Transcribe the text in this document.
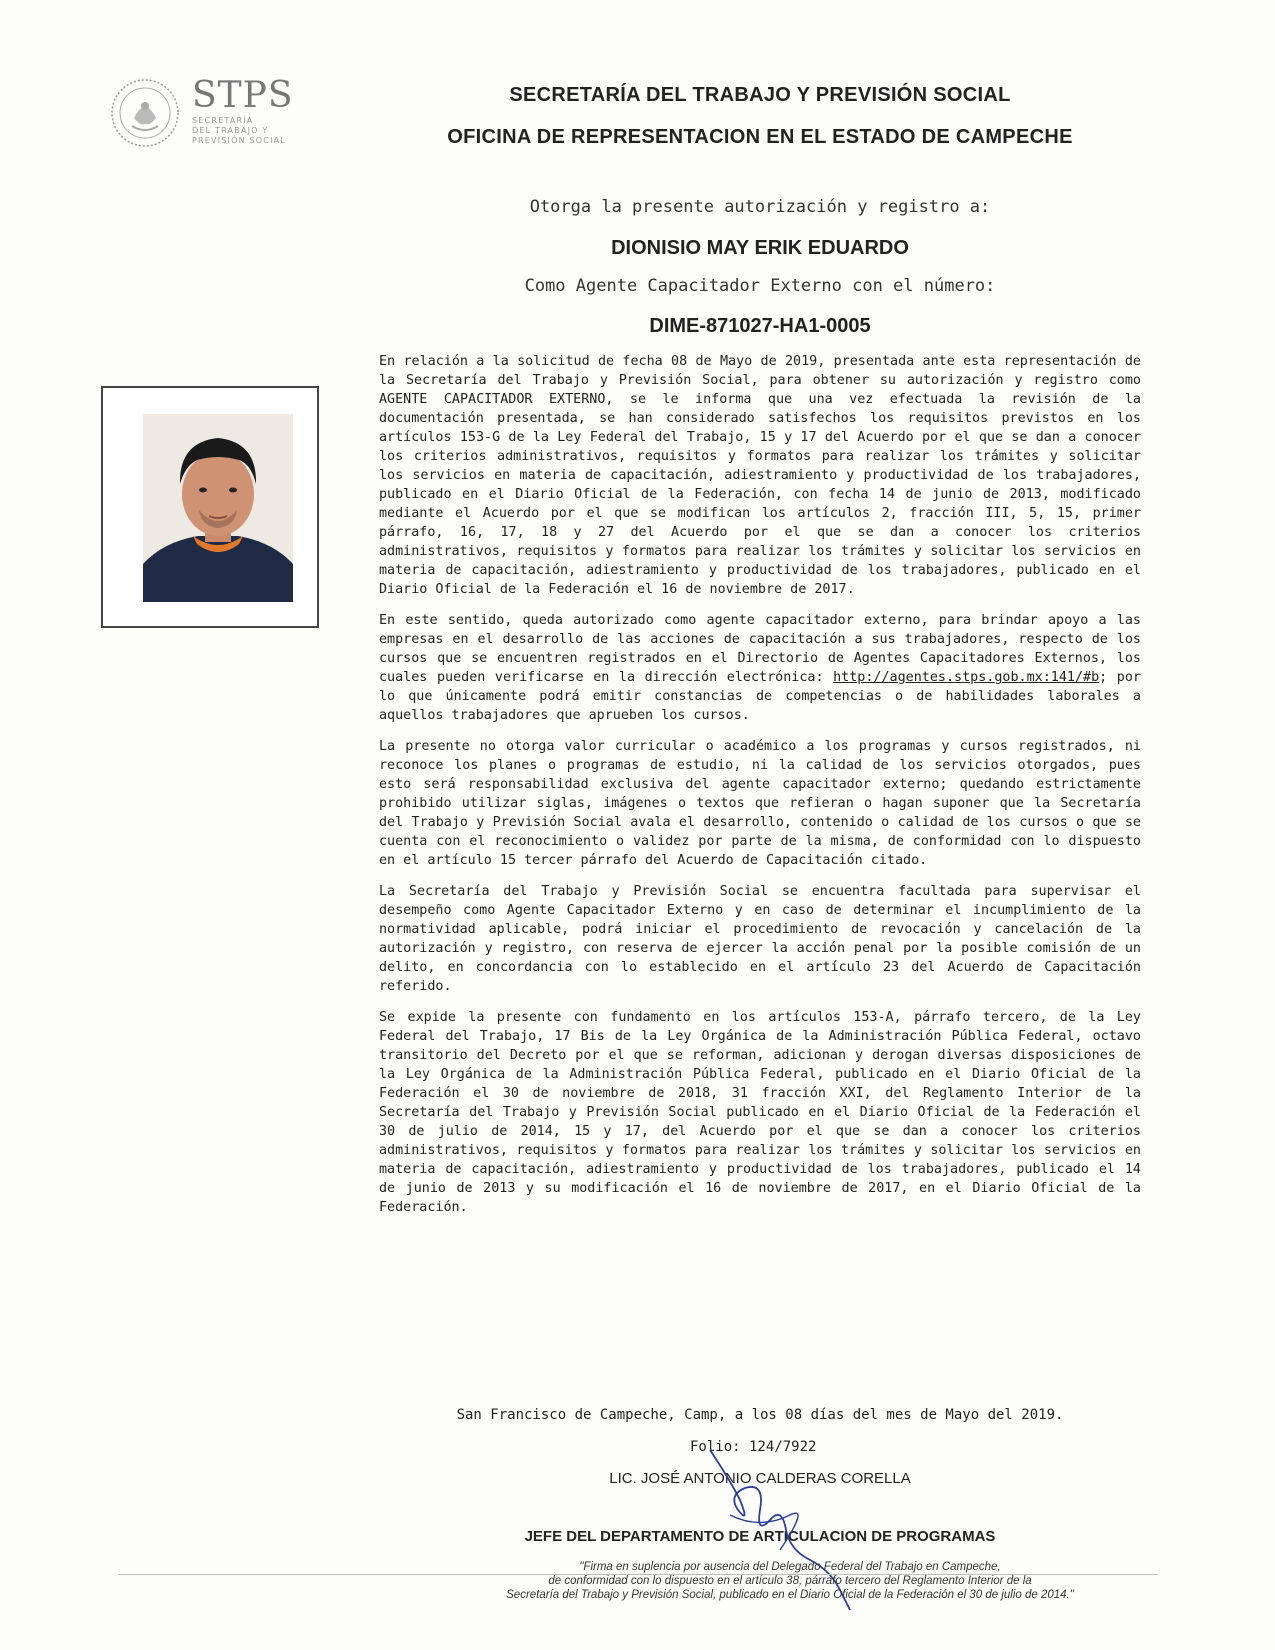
STPS
SECRETARÍA
DEL TRABAJO Y
PREVISIÓN SOCIAL
SECRETARÍA DEL TRABAJO Y PREVISIÓN SOCIAL
OFICINA DE REPRESENTACION EN EL ESTADO DE CAMPECHE
Otorga la presente autorización y registro a:
DIONISIO MAY ERIK EDUARDO
Como Agente Capacitador Externo con el número:
DIME-871027-HA1-0005
En relación a la solicitud de fecha 08 de Mayo de 2019, presentada ante esta representación de la Secretaría del Trabajo y Previsión Social, para obtener su autorización y registro como AGENTE CAPACITADOR EXTERNO, se le informa que una vez efectuada la revisión de la documentación presentada, se han considerado satisfechos los requisitos previstos en los artículos 153-G de la Ley Federal del Trabajo, 15 y 17 del Acuerdo por el que se dan a conocer los criterios administrativos, requisitos y formatos para realizar los trámites y solicitar los servicios en materia de capacitación, adiestramiento y productividad de los trabajadores, publicado en el Diario Oficial de la Federación, con fecha 14 de junio de 2013, modificado mediante el Acuerdo por el que se modifican los artículos 2, fracción III, 5, 15, primer párrafo, 16, 17, 18 y 27 del Acuerdo por el que se dan a conocer los criterios administrativos, requisitos y formatos para realizar los trámites y solicitar los servicios en materia de capacitación, adiestramiento y productividad de los trabajadores, publicado en el Diario Oficial de la Federación el 16 de noviembre de 2017.
En este sentido, queda autorizado como agente capacitador externo, para brindar apoyo a las empresas en el desarrollo de las acciones de capacitación a sus trabajadores, respecto de los cursos que se encuentren registrados en el Directorio de Agentes Capacitadores Externos, los cuales pueden verificarse en la dirección electrónica: http://agentes.stps.gob.mx:141/#b; por lo que únicamente podrá emitir constancias de competencias o de habilidades laborales a aquellos trabajadores que aprueben los cursos.
La presente no otorga valor curricular o académico a los programas y cursos registrados, ni reconoce los planes o programas de estudio, ni la calidad de los servicios otorgados, pues esto será responsabilidad exclusiva del agente capacitador externo; quedando estrictamente prohibido utilizar siglas, imágenes o textos que refieran o hagan suponer que la Secretaría del Trabajo y Previsión Social avala el desarrollo, contenido o calidad de los cursos o que se cuenta con el reconocimiento o validez por parte de la misma, de conformidad con lo dispuesto en el artículo 15 tercer párrafo del Acuerdo de Capacitación citado.
La Secretaría del Trabajo y Previsión Social se encuentra facultada para supervisar el desempeño como Agente Capacitador Externo y en caso de determinar el incumplimiento de la normatividad aplicable, podrá iniciar el procedimiento de revocación y cancelación de la autorización y registro, con reserva de ejercer la acción penal por la posible comisión de un delito, en concordancia con lo establecido en el artículo 23 del Acuerdo de Capacitación referido.
Se expide la presente con fundamento en los artículos 153-A, párrafo tercero, de la Ley Federal del Trabajo, 17 Bis de la Ley Orgánica de la Administración Pública Federal, octavo transitorio del Decreto por el que se reforman, adicionan y derogan diversas disposiciones de la Ley Orgánica de la Administración Pública Federal, publicado en el Diario Oficial de la Federación el 30 de noviembre de 2018, 31 fracción XXI, del Reglamento Interior de la Secretaría del Trabajo y Previsión Social publicado en el Diario Oficial de la Federación el 30 de julio de 2014, 15 y 17, del Acuerdo por el que se dan a conocer los criterios administrativos, requisitos y formatos para realizar los trámites y solicitar los servicios en materia de capacitación, adiestramiento y productividad de los trabajadores, publicado el 14 de junio de 2013 y su modificación el 16 de noviembre de 2017, en el Diario Oficial de la Federación.
San Francisco de Campeche, Camp, a los 08 días del mes de Mayo del 2019.
Folio: 124/7922
LIC. JOSÉ ANTONIO CALDERAS CORELLA
JEFE DEL DEPARTAMENTO DE ARTICULACION DE PROGRAMAS
"Firma en suplencia por ausencia del Delegado Federal del Trabajo en Campeche,
de conformidad con lo dispuesto en el artículo 38, párrafo tercero del Reglamento Interior de la
Secretaría del Trabajo y Previsión Social, publicado en el Diario Oficial de la Federación el 30 de julio de 2014."
